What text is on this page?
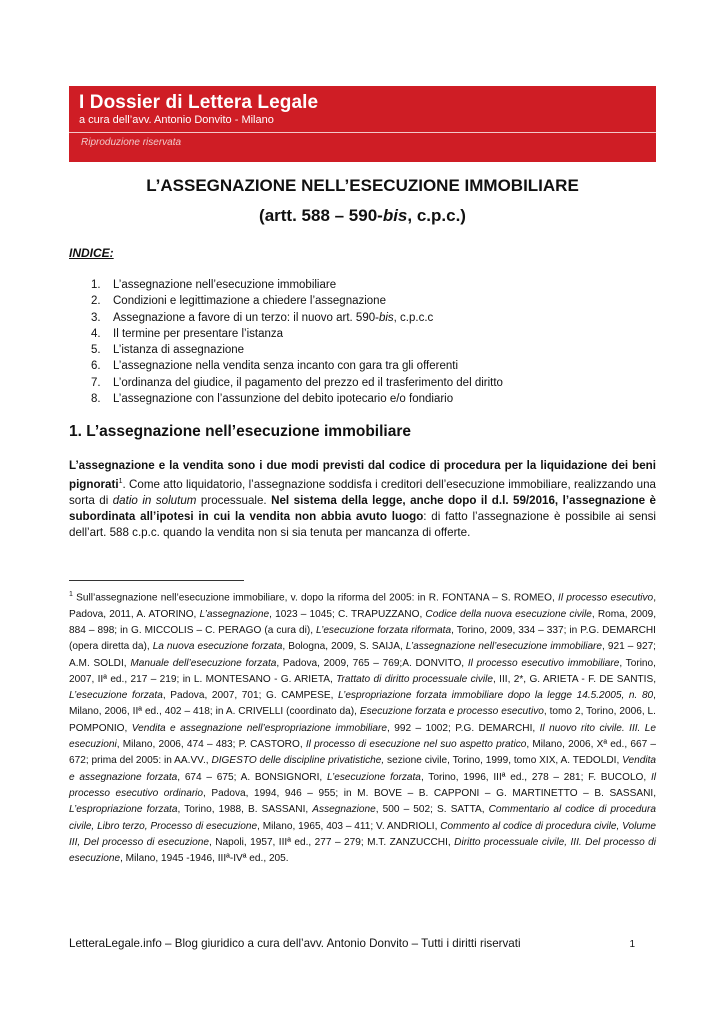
I Dossier di Lettera Legale
a cura dell’avv. Antonio Donvito - Milano
Riproduzione riservata
L’ASSEGNAZIONE NELL’ESECUZIONE IMMOBILIARE
(artt. 588 – 590-bis, c.p.c.)
INDICE:
1. L’assegnazione nell’esecuzione immobiliare
2. Condizioni e legittimazione a chiedere l’assegnazione
3. Assegnazione a favore di un terzo: il nuovo art. 590-bis, c.p.c.c
4. Il termine per presentare l’istanza
5. L’istanza di assegnazione
6. L’assegnazione nella vendita senza incanto con gara tra gli offerenti
7. L’ordinanza del giudice, il pagamento del prezzo ed il trasferimento del diritto
8. L’assegnazione con l’assunzione del debito ipotecario e/o fondiario
1. L’assegnazione nell’esecuzione immobiliare
L’assegnazione e la vendita sono i due modi previsti dal codice di procedura per la liquidazione dei beni pignorati$^1$. Come atto liquidatorio, l’assegnazione soddisfa i creditori dell’esecuzione immobiliare, realizzando una sorta di datio in solutum processuale. Nel sistema della legge, anche dopo il d.l. 59/2016, l’assegnazione è subordinata all’ipotesi in cui la vendita non abbia avuto luogo: di fatto l’assegnazione è possibile ai sensi dell’art. 588 c.p.c. quando la vendita non si sia tenuta per mancanza di offerte.
$^1$ Sull’assegnazione nell’esecuzione immobiliare, v. dopo la riforma del 2005: in R. FONTANA – S. ROMEO, Il processo esecutivo, Padova, 2011, A. ATORINO, L’assegnazione, 1023 – 1045; C. TRAPUZZANO, Codice della nuova esecuzione civile, Roma, 2009, 884 – 898; in G. MICCOLIS – C. PERAGO (a cura di), L’esecuzione forzata riformata, Torino, 2009, 334 – 337; in P.G. DEMARCHI (opera diretta da), La nuova esecuzione forzata, Bologna, 2009, S. SAIJA, L’assegnazione nell’esecuzione immobiliare, 921 – 927; A.M. SOLDI, Manuale dell’esecuzione forzata, Padova, 2009, 765 – 769;A. DONVITO, Il processo esecutivo immobiliare, Torino, 2007, IIª ed., 217 – 219; in L. MONTESANO - G. ARIETA, Trattato di diritto processuale civile, III, 2*, G. ARIETA - F. DE SANTIS, L’esecuzione forzata, Padova, 2007, 701; G. CAMPESE, L’espropriazione forzata immobiliare dopo la legge 14.5.2005, n. 80, Milano, 2006, IIª ed., 402 – 418; in A. CRIVELLI (coordinato da), Esecuzione forzata e processo esecutivo, tomo 2, Torino, 2006, L. POMPONIO, Vendita e assegnazione nell’espropriazione immobiliare, 992 – 1002; P.G. DEMARCHI, Il nuovo rito civile. III. Le esecuzioni, Milano, 2006, 474 – 483; P. CASTORO, Il processo di esecuzione nel suo aspetto pratico, Milano, 2006, Xª ed., 667 – 672; prima del 2005: in AA.VV., DIGESTO delle discipline privatistiche, sezione civile, Torino, 1999, tomo XIX, A. TEDOLDI, Vendita e assegnazione forzata, 674 – 675; A. BONSIGNORI, L’esecuzione forzata, Torino, 1996, IIIª ed., 278 – 281; F. BUCOLO, Il processo esecutivo ordinario, Padova, 1994, 946 – 955; in M. BOVE – B. CAPPONI – G. MARTINETTO – B. SASSANI, L’espropriazione forzata, Torino, 1988, B. SASSANI, Assegnazione, 500 – 502; S. SATTA, Commentario al codice di procedura civile, Libro terzo, Processo di esecuzione, Milano, 1965, 403 – 411; V. ANDRIOLI, Commento al codice di procedura civile, Volume III, Del processo di esecuzione, Napoli, 1957, IIIª ed., 277 – 279; M.T. ZANZUCCHI, Diritto processuale civile, III. Del processo di esecuzione, Milano, 1945 -1946, IIIª-IVª ed., 205.
LetteraLegale.info – Blog giuridico a cura dell’avv. Antonio Donvito – Tutti i diritti riservati	1
